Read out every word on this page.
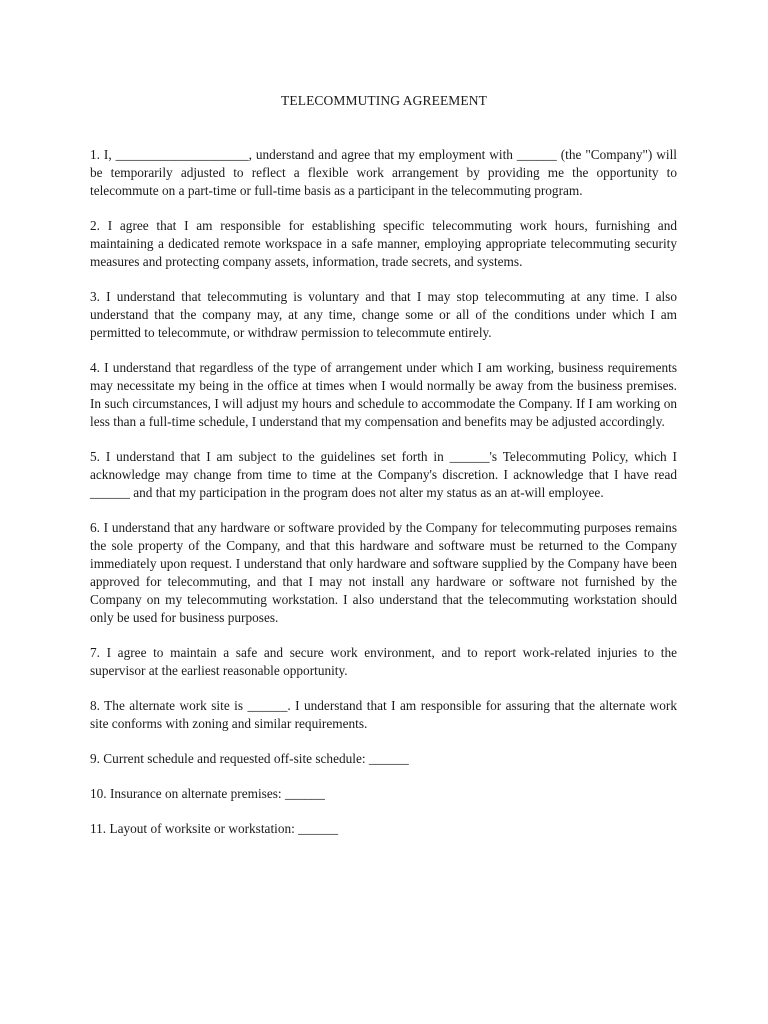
TELECOMMUTING AGREEMENT

1. I, ____________________, understand and agree that my employment with ______ (the "Company") will be temporarily adjusted to reflect a flexible work arrangement by providing me the opportunity to telecommute on a part-time or full-time basis as a participant in the telecommuting program.

2. I agree that I am responsible for establishing specific telecommuting work hours, furnishing and maintaining a dedicated remote workspace in a safe manner, employing appropriate telecommuting security measures and protecting company assets, information, trade secrets, and systems.

3. I understand that telecommuting is voluntary and that I may stop telecommuting at any time. I also understand that the company may, at any time, change some or all of the conditions under which I am permitted to telecommute, or withdraw permission to telecommute entirely.

4. I understand that regardless of the type of arrangement under which I am working, business requirements may necessitate my being in the office at times when I would normally be away from the business premises. In such circumstances, I will adjust my hours and schedule to accommodate the Company. If I am working on less than a full-time schedule, I understand that my compensation and benefits may be adjusted accordingly.

5. I understand that I am subject to the guidelines set forth in ______'s Telecommuting Policy, which I acknowledge may change from time to time at the Company's discretion. I acknowledge that I have read ______ and that my participation in the program does not alter my status as an at-will employee.

6. I understand that any hardware or software provided by the Company for telecommuting purposes remains the sole property of the Company, and that this hardware and software must be returned to the Company immediately upon request. I understand that only hardware and software supplied by the Company have been approved for telecommuting, and that I may not install any hardware or software not furnished by the Company on my telecommuting workstation. I also understand that the telecommuting workstation should only be used for business purposes.

7. I agree to maintain a safe and secure work environment, and to report work-related injuries to the supervisor at the earliest reasonable opportunity.

8. The alternate work site is ______. I understand that I am responsible for assuring that the alternate work site conforms with zoning and similar requirements.

9. Current schedule and requested off-site schedule: ______

10. Insurance on alternate premises: ______

11. Layout of worksite or workstation: ______
